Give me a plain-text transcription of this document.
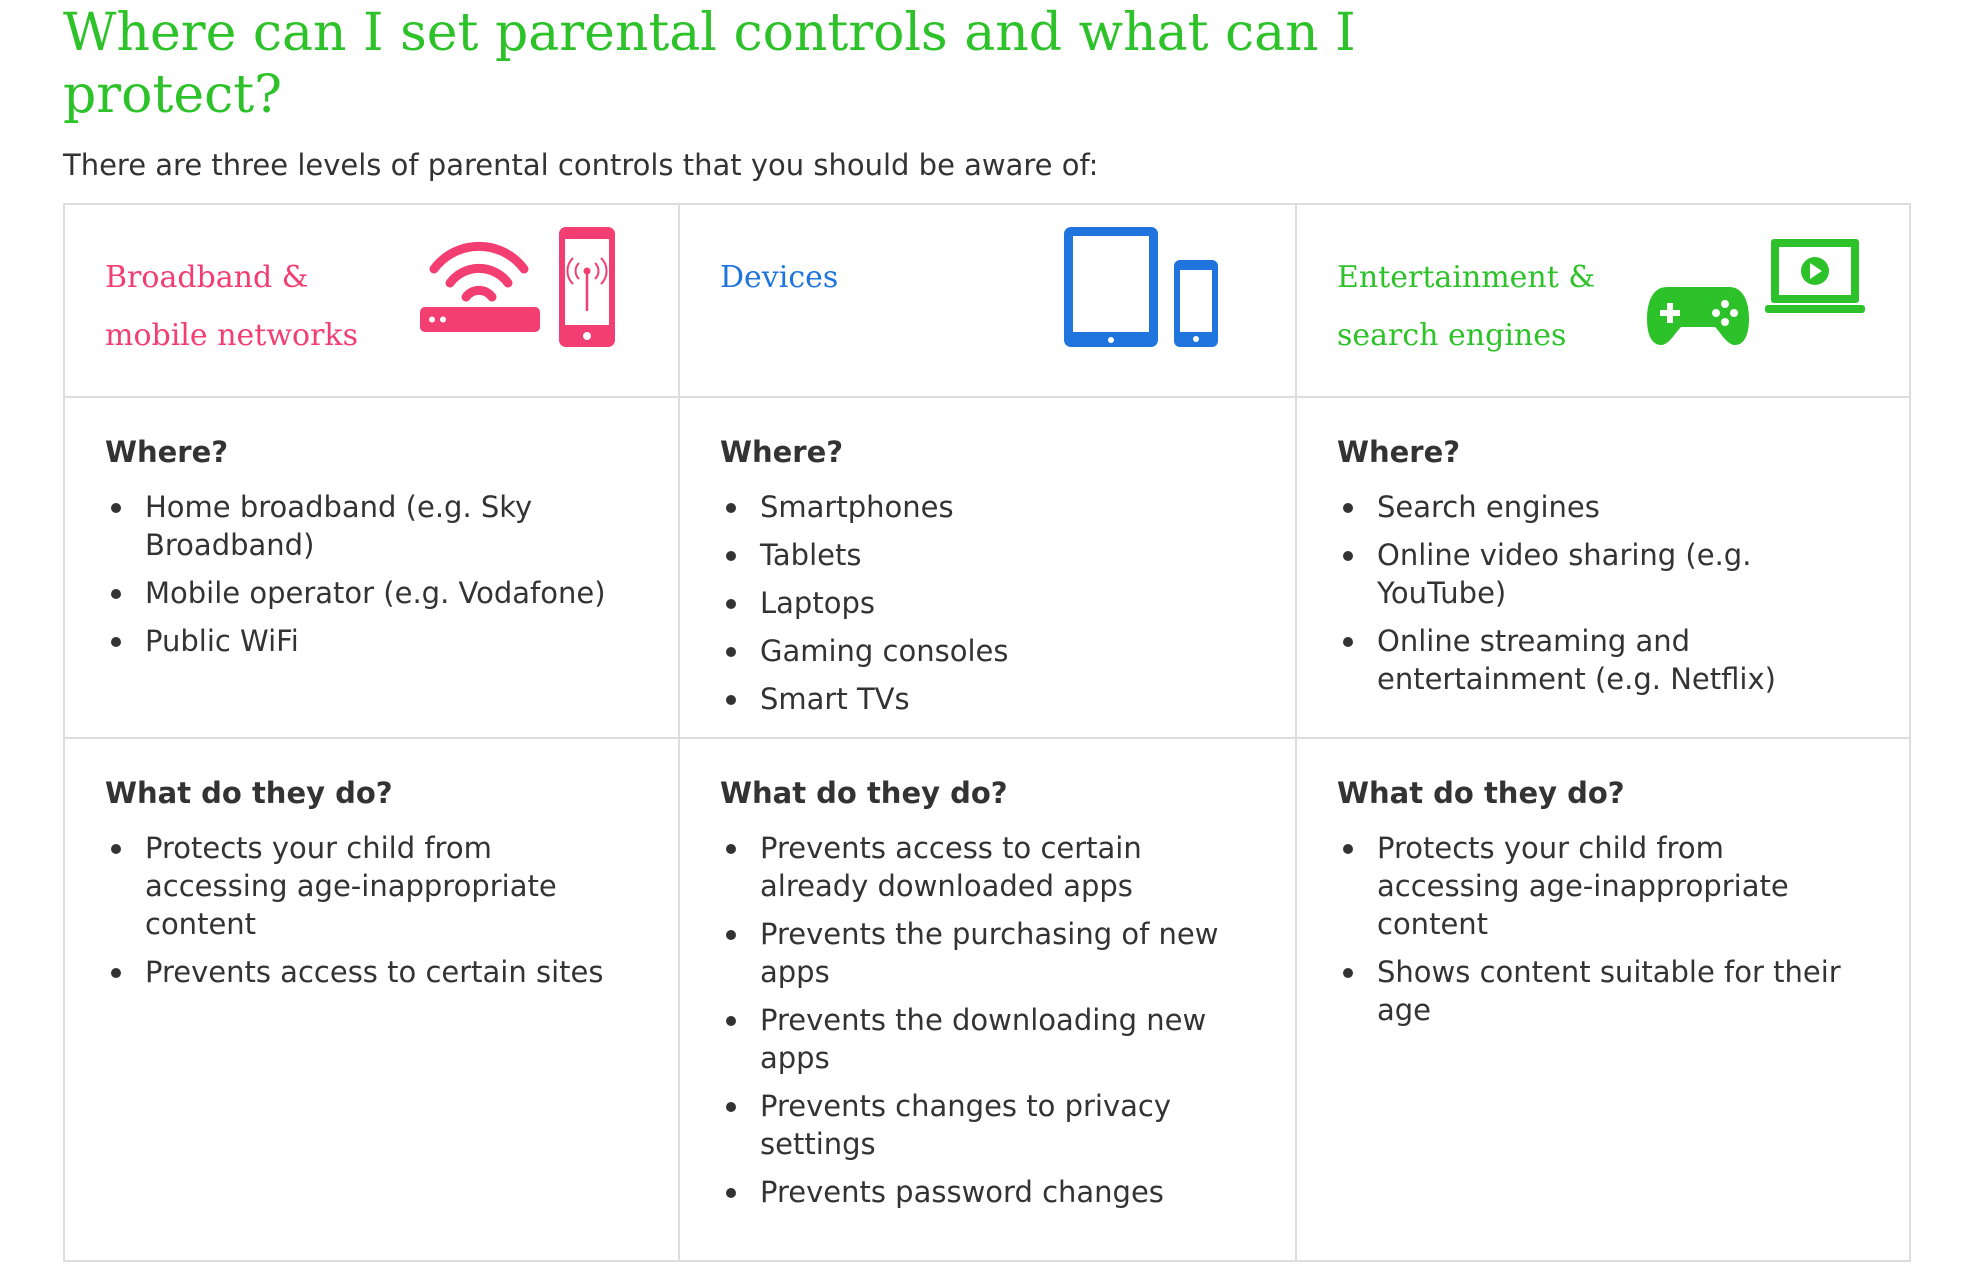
Where can I set parental controls and what can I protect?

There are three levels of parental controls that you should be aware of:

Broadband &
mobile networks

Devices	Entertainment &
search engines

Where?

Home broadband (e.g. Sky Broadband)
Mobile operator (e.g. Vodafone)
Public WiFi

Where?

Smartphones
Tablets
Laptops
Gaming consoles
Smart TVs

Where?

Search engines
Online video sharing (e.g. YouTube)
Online streaming and entertainment (e.g. Netflix)

What do they do?

Protects your child from accessing age-inappropriate content
Prevents access to certain sites

What do they do?

Prevents access to certain already downloaded apps
Prevents the purchasing of new apps
Prevents the downloading new apps
Prevents changes to privacy settings
Prevents password changes

What do they do?

Protects your child from accessing age-inappropriate content
Shows content suitable for their age
